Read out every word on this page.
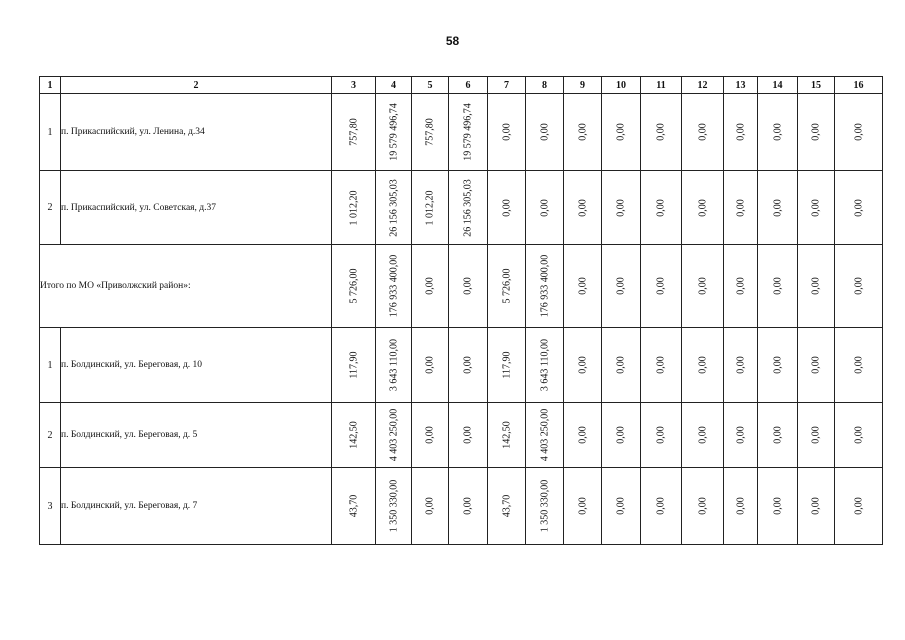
58
1	2	3	4	5	6	7	8	9	10	11	12	13	14	15	16
1	п. Прикаспийский, ул. Ленина, д.34	757,80	19 579 496,74	757,80	19 579 496,74	0,00	0,00	0,00	0,00	0,00	0,00	0,00	0,00	0,00	0,00

2	п. Прикаспийский, ул. Советская, д.37	1 012,20	26 156 305,03	1 012,20	26 156 305,03	0,00	0,00	0,00	0,00	0,00	0,00	0,00	0,00	0,00	0,00

Итого по МО «Приволжский район»:		5 726,00	176 933 400,00	0,00	0,00	5 726,00	176 933 400,00	0,00	0,00	0,00	0,00	0,00	0,00	0,00	0,00

1	п. Болдинский, ул. Береговая, д. 10	117,90	3 643 110,00	0,00	0,00	117,90	3 643 110,00	0,00	0,00	0,00	0,00	0,00	0,00	0,00	0,00

2	п. Болдинский, ул. Береговая, д. 5	142,50	4 403 250,00	0,00	0,00	142,50	4 403 250,00	0,00	0,00	0,00	0,00	0,00	0,00	0,00	0,00

3	п. Болдинский, ул. Береговая, д. 7	43,70	1 350 330,00	0,00	0,00	43,70	1 350 330,00	0,00	0,00	0,00	0,00	0,00	0,00	0,00	0,00
